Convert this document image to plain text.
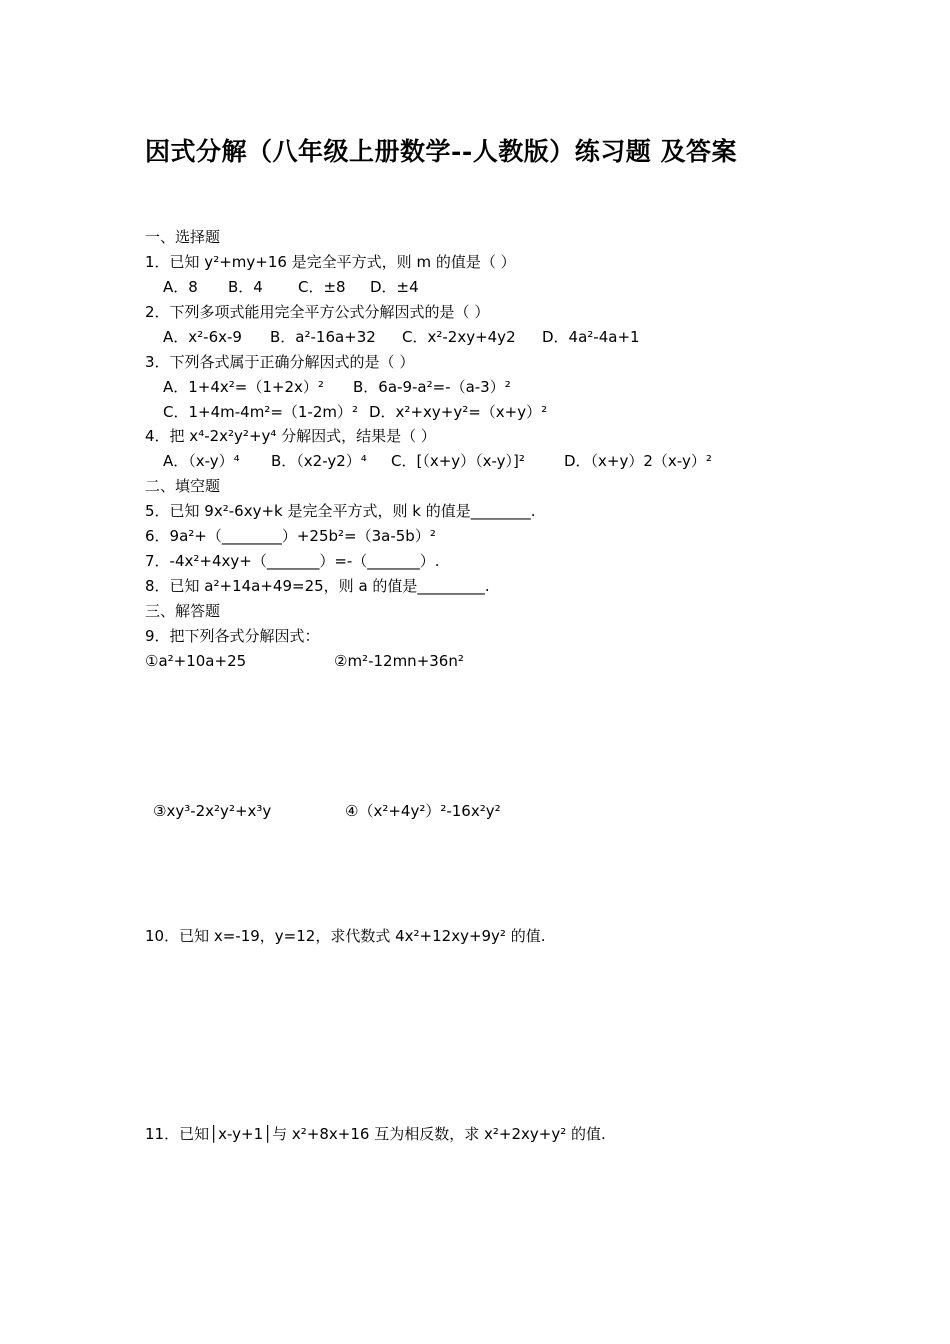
因式分解（八年级上册数学--人教版）练习题 及答案
一、选择题
1．已知 y²+my+16 是完全平方式，则 m 的值是（ ）
A．8 B．4 C．±8 D．±4
2．下列多项式能用完全平方公式分解因式的是（ ）
A．x²-6x-9 B．a²-16a+32 C．x²-2xy+4y2 D．4a²-4a+1
3．下列各式属于正确分解因式的是（ ）
A．1+4x²=（1+2x）² B．6a-9-a²=-（a-3）²
C．1+4m-4m²=（1-2m）² D．x²+xy+y²=（x+y）²
4．把 x⁴-2x²y²+y⁴ 分解因式，结果是（ ）
A．（x-y）⁴ B．（x2-y2）⁴ C．[（x+y）（x-y）]²	D．（x+y）2（x-y）²
二、填空题
5．已知 9x²-6xy+k 是完全平方式，则 k 的值是________.
6．9a²+（________）+25b²=（3a-5b）²
7．-4x²+4xy+（_______）=-（_______）.
8．已知 a²+14a+49=25，则 a 的值是_________.
三、解答题
9．把下列各式分解因式：
①a²+10a+25	②m²-12mn+36n²
③xy³-2x²y²+x³y	④（x²+4y²）²-16x²y²
10．已知 x=-19，y=12，求代数式 4x²+12xy+9y² 的值.
11．已知│x-y+1│与 x²+8x+16 互为相反数，求 x²+2xy+y² 的值.
